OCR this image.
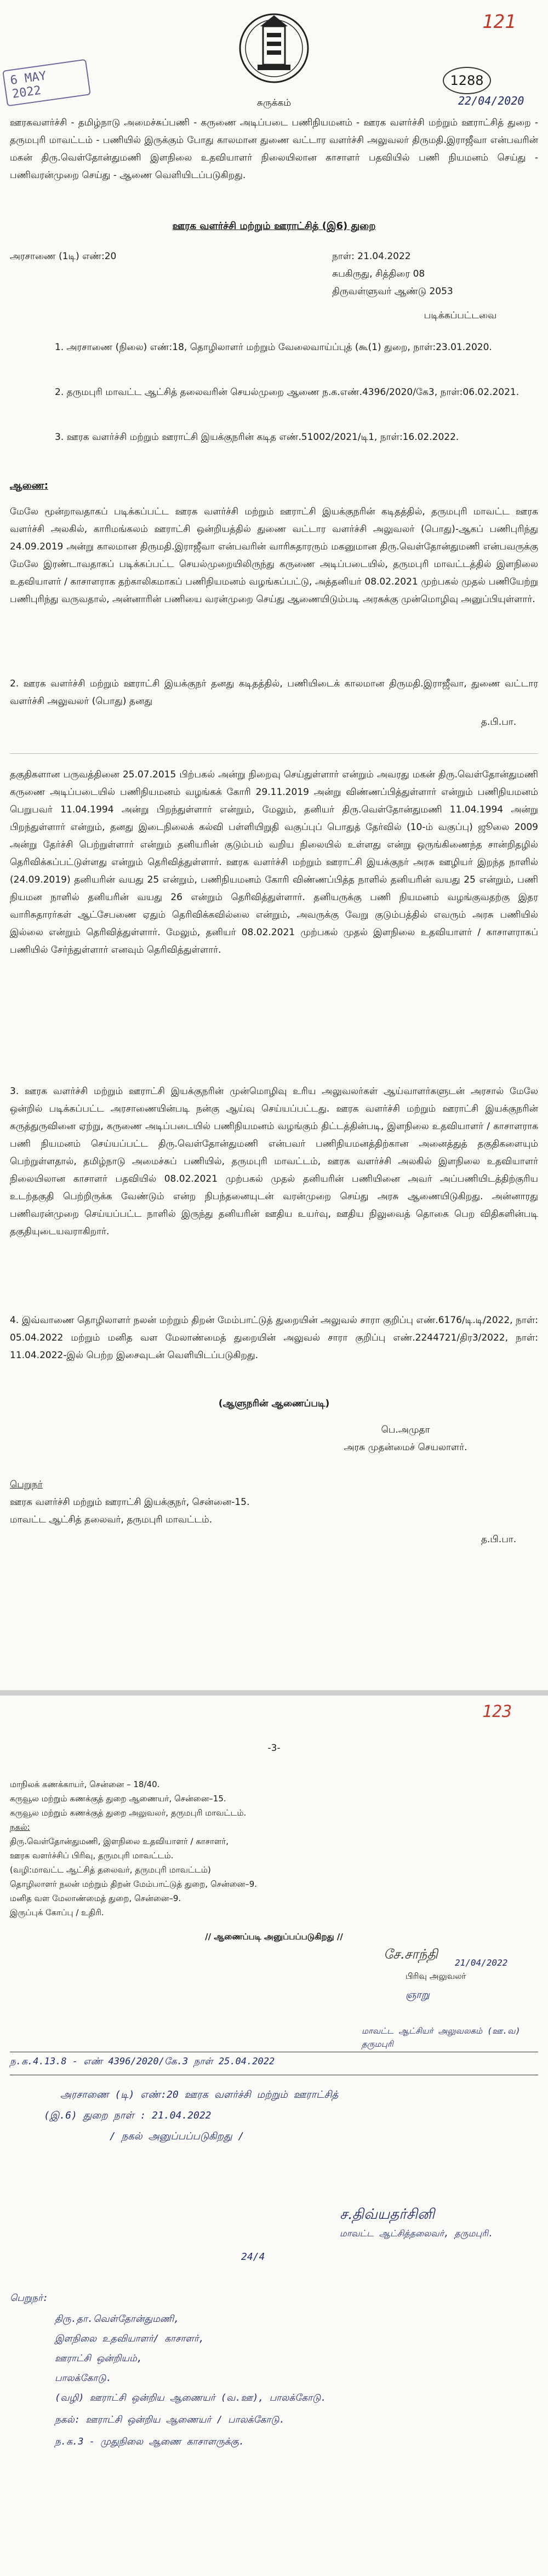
121
6 MAY 2022
1288
22/04/2020
சுருக்கம்
ஊரகவளர்ச்சி - தமிழ்நாடு அமைச்சுப்பணி - கருணை அடிப்படை பணிநியமனம் - ஊரக வளர்ச்சி மற்றும் ஊராட்சித் துறை - தருமபுரி மாவட்டம் - பணியில் இருக்கும் போது காலமான துணை வட்டார வளர்ச்சி அலுவலர் திருமதி.இராஜீவா என்பவரின் மகன் திரு.வெள்தோன்துமணி இளநிலை உதவியாளர் நிலையிலான காசாளர் பதவியில் பணி நியமனம் செய்து - பணிவரன்முறை செய்து - ஆணை வெளியிடப்படுகிறது.
ஊரக வளர்ச்சி மற்றும் ஊராட்சித் (இ6) துறை
அரசாணை (1டி) எண்:20	நாள்: 21.04.2022
சுபகிருது, சித்திரை 08
திருவள்ளுவர் ஆண்டு 2053
படிக்கப்பட்டவை
1. அரசாணை (நிலை) எண்:18, தொழிலாளர் மற்றும் வேலைவாய்ப்புத் (கூ(1) துறை, நாள்:23.01.2020.
2. தருமபுரி மாவட்ட ஆட்சித் தலைவரின் செயல்முறை ஆணை ந.க.எண்.4396/2020/கே3, நாள்:06.02.2021.
3. ஊரக வளர்ச்சி மற்றும் ஊராட்சி இயக்குநரின் கடித எண்.51002/2021/டி1, நாள்:16.02.2022.
ஆணை:
மேலே மூன்றாவதாகப் படிக்கப்பட்ட ஊரக வளர்ச்சி மற்றும் ஊராட்சி இயக்குநரின் கடிதத்தில், தருமபுரி மாவட்ட ஊரக வளர்ச்சி அலகில், காரிமங்கலம் ஊராட்சி ஒன்றியத்தில் துணை வட்டார வளர்ச்சி அலுவலர் (பொது)-ஆகப் பணிபுரிந்து 24.09.2019 அன்று காலமான திருமதி.இராஜீவா என்பவரின் வாரிசுதாரரும் மகனுமான திரு.வெள்தோன்துமணி என்பவருக்கு மேலே இரண்டாவதாகப் படிக்கப்பட்ட செயல்முறையிலிருந்து கருணை அடிப்படையில், தருமபுரி மாவட்டத்தில் இளநிலை உதவியாளர் / காசாளராக தற்காலிகமாகப் பணிநியமனம் வழங்கப்பட்டு, அத்தனியர் 08.02.2021 முற்பகல் முதல் பணியேற்று பணிபுரிந்து வருவதால், அன்னாரின் பணியை வரன்முறை செய்து ஆணையிடும்படி அரசுக்கு முன்மொழிவு அனுப்பியுள்ளார்.
2. ஊரக வளர்ச்சி மற்றும் ஊராட்சி இயக்குநர் தனது கடிதத்தில், பணியிடைக் காலமான திருமதி.இராஜீவா, துணை வட்டார வளர்ச்சி அலுவலர் (பொது) தனது
த.பி.பா.
தகுதிகளான பருவத்தினை 25.07.2015 பிற்பகல் அன்று நிறைவு செய்துள்ளார் என்றும் அவரது மகன் திரு.வெள்தோன்துமணி கருணை அடிப்படையில் பணிநியமனம் வழங்கக் கோரி 29.11.2019 அன்று விண்ணப்பித்துள்ளார் என்றும் பணிநியமனம் பெறுபவர் 11.04.1994 அன்று பிறந்துள்ளார் என்றும், மேலும், தனியர் திரு.வெள்தோன்துமணி 11.04.1994 அன்று பிறந்துள்ளார் என்றும், தனது இடைநிலைக் கல்வி பள்ளியிறுதி வகுப்புப் பொதுத் தேர்வில் (10-ம் வகுப்பு) ஜூலை 2009 அன்று தேர்ச்சி பெற்றுள்ளார் என்றும் தனியரின் குடும்பம் வறிய நிலையில் உள்ளது என்று ஒருங்கிணைந்த சான்றிதழில் தெரிவிக்கப்பட்டுள்ளது என்றும் தெரிவித்துள்ளார். ஊரக வளர்ச்சி மற்றும் ஊராட்சி இயக்குநர் அரசு ஊழியர் இறந்த நாளில் (24.09.2019) தனியரின் வயது 25 என்றும், பணிநியமனம் கோரி விண்ணப்பித்த நாளில் தனியரின் வயது 25 என்றும், பணி நியமன நாளில் தனியரின் வயது 26 என்றும் தெரிவித்துள்ளார். தனியருக்கு பணி நியமனம் வழங்குவதற்கு இதர வாரிசுதாரர்கள் ஆட்சேபணை ஏதும் தெரிவிக்கவில்லை என்றும், அவருக்கு வேறு குடும்பத்தில் எவரும் அரசு பணியில் இல்லை என்றும் தெரிவித்துள்ளார். மேலும், தனியர் 08.02.2021 முற்பகல் முதல் இளநிலை உதவியாளர் / காசாளராகப் பணியில் சேர்ந்துள்ளார் எனவும் தெரிவித்துள்ளார்.
3. ஊரக வளர்ச்சி மற்றும் ஊராட்சி இயக்குநரின் முன்மொழிவு உரிய அலுவலர்கள் ஆய்வாளர்களுடன் அரசால் மேலே ஒன்றில் படிக்கப்பட்ட அரசாணையின்படி நன்கு ஆய்வு செய்யப்பட்டது. ஊரக வளர்ச்சி மற்றும் ஊராட்சி இயக்குநரின் கருத்துருவினை ஏற்று, கருணை அடிப்படையில் பணிநியமனம் வழங்கும் திட்டத்தின்படி, இளநிலை உதவியாளர் / காசாளராக பணி நியமனம் செய்யப்பட்ட திரு.வெள்தோன்துமணி என்பவர் பணிநியமனத்திற்கான அனைத்துத் தகுதிகளையும் பெற்றுள்ளதால், தமிழ்நாடு அமைச்சுப் பணியில், தருமபுரி மாவட்டம், ஊரக வளர்ச்சி அலகில் இளநிலை உதவியாளர் நிலையிலான காசாளர் பதவியில் 08.02.2021 முற்பகல் முதல் தனியரின் பணியினை அவர் அப்பணியிடத்திற்குரிய உடற்தகுதி பெற்றிருக்க வேண்டும் என்ற நிபந்தனையுடன் வரன்முறை செய்து அரசு ஆணையிடுகிறது. அன்னாரது பணிவரன்முறை செய்யப்பட்ட நாளில் இருந்து தனியரின் ஊதிய உயர்வு, ஊதிய நிலுவைத் தொகை பெற விதிகளின்படி தகுதியுடையவராகிறார்.
4. இவ்வாணை தொழிலாளர் நலன் மற்றும் திறன் மேம்பாட்டுத் துறையின் அலுவல் சாரா குறிப்பு எண்.6176/டி.டி/2022, நாள்: 05.04.2022 மற்றும் மனித வள மேலாண்மைத் துறையின் அலுவல் சாரா குறிப்பு எண்.2244721/திர3/2022, நாள்: 11.04.2022-இல் பெற்ற இசைவுடன் வெளியிடப்படுகிறது.
(ஆளுநரின் ஆணைப்படி)
பெ.அமுதா
அரசு முதன்மைச் செயலாளர்.
பெறுநர்
ஊரக வளர்ச்சி மற்றும் ஊராட்சி இயக்குநர், சென்னை-15.
மாவட்ட ஆட்சித் தலைவர், தருமபுரி மாவட்டம்.
த.பி.பா.
123
-3-
மாநிலக் கணக்காயர், சென்னை – 18/40.
கருவூல மற்றும் கணக்குத் துறை ஆணையர், சென்னை–15.
கருவூல மற்றும் கணக்குத் துறை அலுவலர், தருமபுரி மாவட்டம்.
நகல்:
திரு.வெள்தோன்துமணி, இளநிலை உதவியாளர் / காசாளர்,
ஊரக வளர்ச்சிப் பிரிவு, தருமபுரி மாவட்டம்.
(வழி:மாவட்ட ஆட்சித் தலைவர், தருமபுரி மாவட்டம்)
தொழிலாளர் நலன் மற்றும் திறன் மேம்பாட்டுத் துறை, சென்னை–9.
மனித வள மேலாண்மைத் துறை, சென்னை–9.
இருப்புக் கோப்பு / உதிரி.
// ஆணைப்படி அனுப்பப்படுகிறது //
சே.சாந்தி
21/04/2022
பிரிவு அலுவலர்
ஞாறு
மாவட்ட ஆட்சியர் அலுவலகம் (ஊ.வ) தருமபுரி
ந.க.4.13.8 - எண் 4396/2020/கே.3 நாள் 25.04.2022
அரசாணை (டி) எண்:20 ஊரக வளர்ச்சி மற்றும் ஊராட்சித்
(இ.6) துறை நாள் : 21.04.2022
/ நகல் அனுப்பப்படுகிறது /
ச.திவ்யதர்சினி
மாவட்ட ஆட்சித்தலைவர், தருமபுரி.
24/4
பெறுநர்:
திரு.தா.வெள்தோன்துமணி,
இளநிலை உதவியாளர்/ காசாளர்,
ஊராட்சி ஒன்றியம்,
பாலக்கோடு.
(வழி) ஊராட்சி ஒன்றிய ஆணையர் (வ.ஊ), பாலக்கோடு.
நகல்: ஊராட்சி ஒன்றிய ஆணையர் / பாலக்கோடு.
ந.க.3 - முதுநிலை ஆணை காசாளருக்கு.
